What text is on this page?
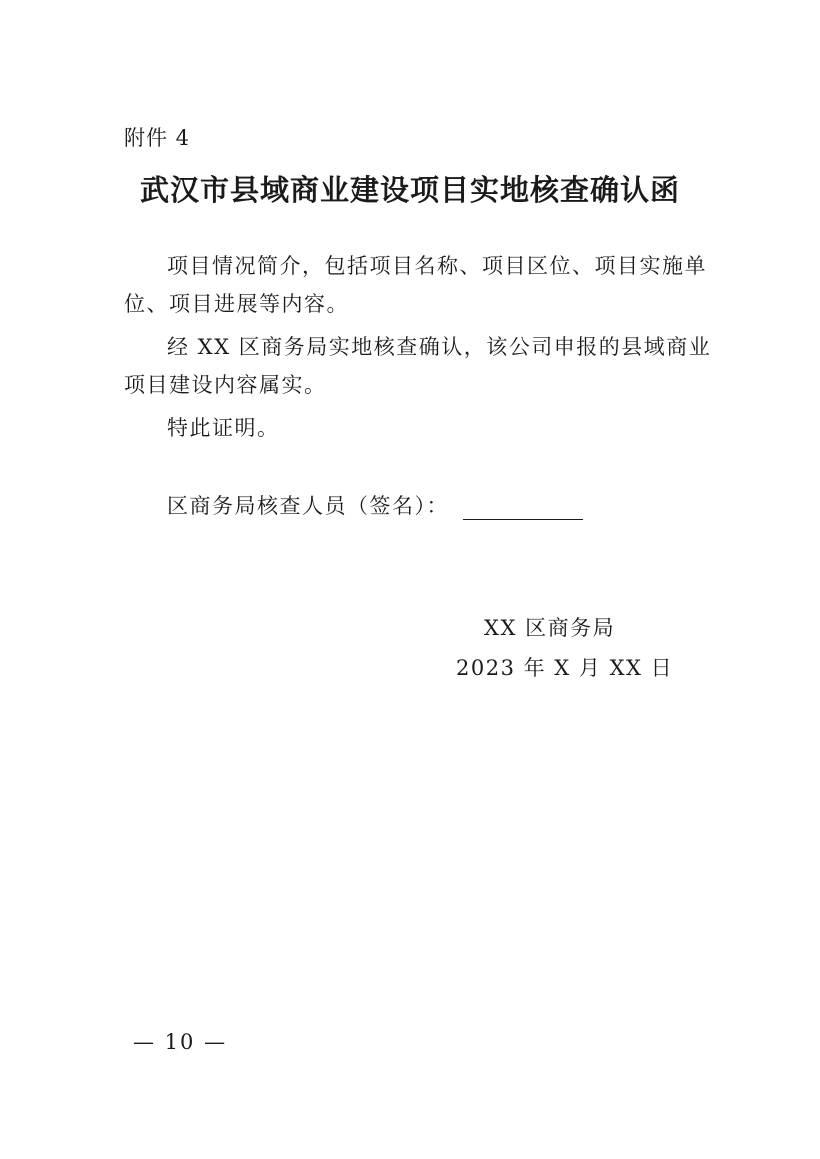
附件 4
武汉市县域商业建设项目实地核查确认函
项目情况简介，包括项目名称、项目区位、项目实施单位、项目进展等内容。
经 XX 区商务局实地核查确认，该公司申报的县域商业项目建设内容属实。
特此证明。
区商务局核查人员（签名）：
XX 区商务局
2023 年 X 月 XX 日
— 10 —
